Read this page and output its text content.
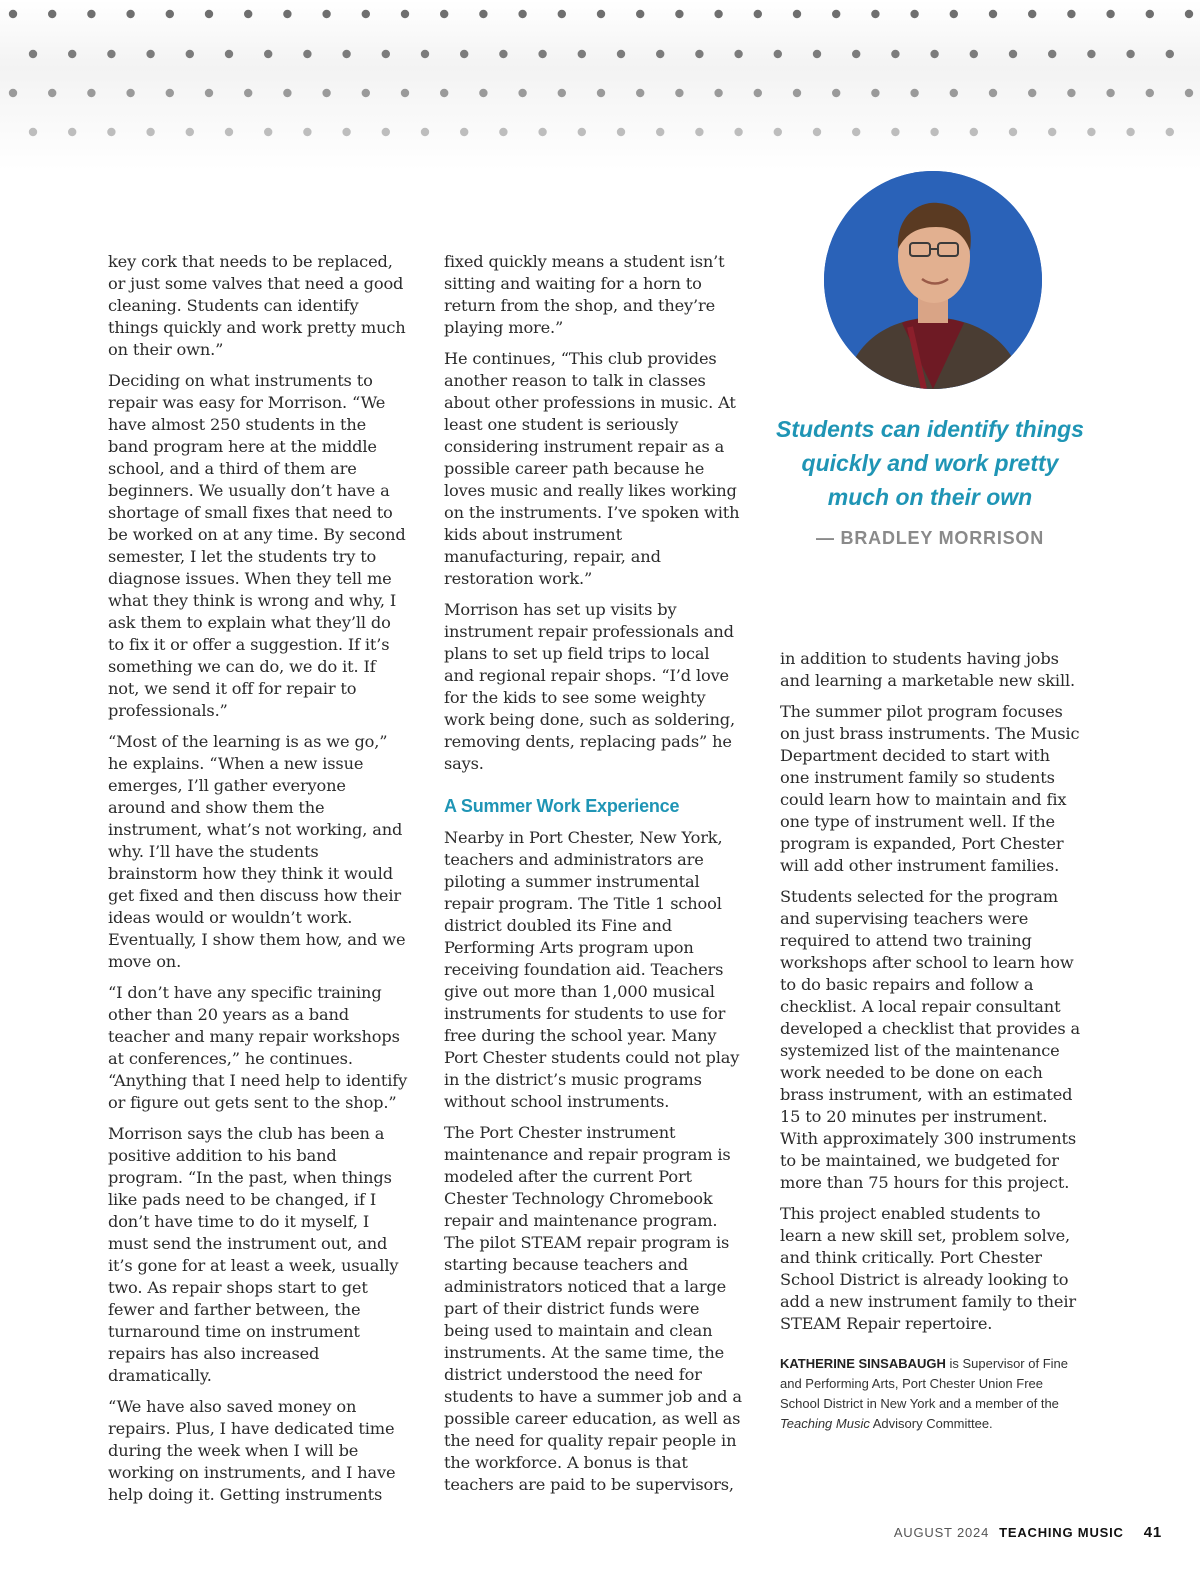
key cork that needs to be replaced, or just some valves that need a good cleaning. Students can identify things quickly and work pretty much on their own.”

Deciding on what instruments to repair was easy for Morrison. “We have almost 250 students in the band program here at the middle school, and a third of them are beginners. We usually don’t have a shortage of small fixes that need to be worked on at any time. By second semester, I let the students try to diagnose issues. When they tell me what they think is wrong and why, I ask them to explain what they’ll do to fix it or offer a suggestion. If it’s something we can do, we do it. If not, we send it off for repair to professionals.”

“Most of the learning is as we go,” he explains. “When a new issue emerges, I’ll gather everyone around and show them the instrument, what’s not working, and why. I’ll have the students brainstorm how they think it would get fixed and then discuss how their ideas would or wouldn’t work. Eventually, I show them how, and we move on.

“I don’t have any specific training other than 20 years as a band teacher and many repair workshops at conferences,” he continues. “Anything that I need help to identify or figure out gets sent to the shop.”

Morrison says the club has been a positive addition to his band program. “In the past, when things like pads need to be changed, if I don’t have time to do it myself, I must send the instrument out, and it’s gone for at least a week, usually two. As repair shops start to get fewer and farther between, the turnaround time on instrument repairs has also increased dramatically.

“We have also saved money on repairs. Plus, I have dedicated time during the week when I will be working on instruments, and I have help doing it. Getting instruments

fixed quickly means a student isn’t sitting and waiting for a horn to return from the shop, and they’re playing more.”

He continues, “This club provides another reason to talk in classes about other professions in music. At least one student is seriously considering instrument repair as a possible career path because he loves music and really likes working on the instruments. I’ve spoken with kids about instrument manufacturing, repair, and restoration work.”

Morrison has set up visits by instrument repair professionals and plans to set up field trips to local and regional repair shops. “I’d love for the kids to see some weighty work being done, such as soldering, removing dents, replacing pads” he says.

A Summer Work Experience

Nearby in Port Chester, New York, teachers and administrators are piloting a summer instrumental repair program. The Title 1 school district doubled its Fine and Performing Arts program upon receiving foundation aid. Teachers give out more than 1,000 musical instruments for students to use for free during the school year. Many Port Chester students could not play in the district’s music programs without school instruments.

The Port Chester instrument maintenance and repair program is modeled after the current Port Chester Technology Chromebook repair and maintenance program. The pilot STEAM repair program is starting because teachers and administrators noticed that a large part of their district funds were being used to maintain and clean instruments. At the same time, the district understood the need for students to have a summer job and a possible career education, as well as the need for quality repair people in the workforce. A bonus is that teachers are paid to be supervisors,

Students can identify things quickly and work pretty much on their own
— BRADLEY MORRISON

in addition to students having jobs and learning a marketable new skill.

The summer pilot program focuses on just brass instruments. The Music Department decided to start with one instrument family so students could learn how to maintain and fix one type of instrument well. If the program is expanded, Port Chester will add other instrument families.

Students selected for the program and supervising teachers were required to attend two training workshops after school to learn how to do basic repairs and follow a checklist. A local repair consultant developed a checklist that provides a systemized list of the maintenance work needed to be done on each brass instrument, with an estimated 15 to 20 minutes per instrument. With approximately 300 instruments to be maintained, we budgeted for more than 75 hours for this project.

This project enabled students to learn a new skill set, problem solve, and think critically. Port Chester School District is already looking to add a new instrument family to their STEAM Repair repertoire.

KATHERINE SINSABAUGH is Supervisor of Fine and Performing Arts, Port Chester Union Free School District in New York and a member of the Teaching Music Advisory Committee.
AUGUST 2024 TEACHING MUSIC 41
